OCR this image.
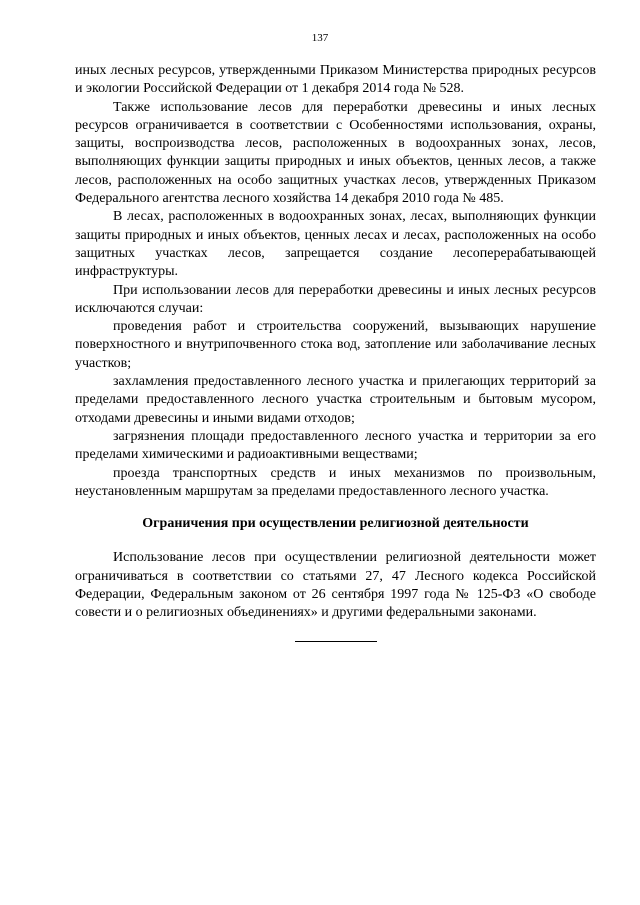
137

иных лесных ресурсов, утвержденными Приказом Министерства природных ресурсов и экологии Российской Федерации от 1 декабря 2014 года № 528.

Также использование лесов для переработки древесины и иных лесных ресурсов ограничивается в соответствии с Особенностями использования, охраны, защиты, воспроизводства лесов, расположенных в водоохранных зонах, лесов, выполняющих функции защиты природных и иных объектов, ценных лесов, а также лесов, расположенных на особо защитных участках лесов, утвержденных Приказом Федерального агентства лесного хозяйства 14 декабря 2010 года № 485.

В лесах, расположенных в водоохранных зонах, лесах, выполняющих функции защиты природных и иных объектов, ценных лесах и лесах, расположенных на особо защитных участках лесов, запрещается создание лесоперерабатывающей инфраструктуры.

При использовании лесов для переработки древесины и иных лесных ресурсов исключаются случаи:

проведения работ и строительства сооружений, вызывающих нарушение поверхностного и внутрипочвенного стока вод, затопление или заболачивание лесных участков;

захламления предоставленного лесного участка и прилегающих территорий за пределами предоставленного лесного участка строительным и бытовым мусором, отходами древесины и иными видами отходов;

загрязнения площади предоставленного лесного участка и территории за его пределами химическими и радиоактивными веществами;

проезда транспортных средств и иных механизмов по произвольным, неустановленным маршрутам за пределами предоставленного лесного участка.

Ограничения при осуществлении религиозной деятельности

Использование лесов при осуществлении религиозной деятельности может ограничиваться в соответствии со статьями 27, 47 Лесного кодекса Российской Федерации, Федеральным законом от 26 сентября 1997 года № 125-ФЗ «О свободе совести и о религиозных объединениях» и другими федеральными законами.
